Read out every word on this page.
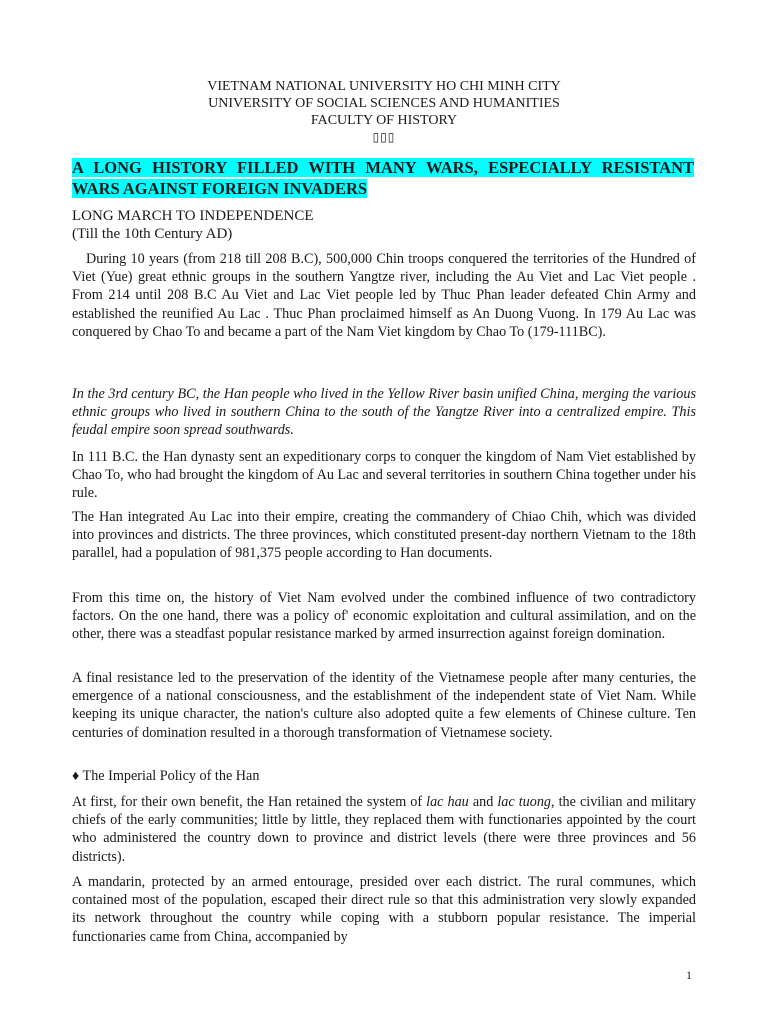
VIETNAM NATIONAL UNIVERSITY HO CHI MINH CITY
UNIVERSITY OF SOCIAL SCIENCES AND HUMANITIES
FACULTY OF HISTORY
▯▯▯
A LONG HISTORY FILLED WITH MANY WARS, ESPECIALLY RESISTANT WARS AGAINST FOREIGN INVADERS
LONG MARCH TO INDEPENDENCE
(Till the 10th Century AD)
During 10 years (from 218 till 208 B.C), 500,000 Chin troops conquered the territories of the Hundred of Viet (Yue) great ethnic groups in the southern Yangtze river, including the Au Viet and Lac Viet people . From 214 until 208 B.C Au Viet and Lac Viet people led by Thuc Phan leader defeated Chin Army and established the reunified Au Lac . Thuc Phan proclaimed himself as An Duong Vuong. In 179 Au Lac was conquered by Chao To and became a part of the Nam Viet kingdom by Chao To (179-111BC).
In the 3rd century BC, the Han people who lived in the Yellow River basin unified China, merging the various ethnic groups who lived in southern China to the south of the Yangtze River into a centralized empire. This feudal empire soon spread southwards.
In 111 B.C. the Han dynasty sent an expeditionary corps to conquer the kingdom of Nam Viet established by Chao To, who had brought the kingdom of Au Lac and several territories in southern China together under his rule.
The Han integrated Au Lac into their empire, creating the commandery of Chiao Chih, which was divided into provinces and districts. The three provinces, which constituted present-day northern Vietnam to the 18th parallel, had a population of 981,375 people according to Han documents.
From this time on, the history of Viet Nam evolved under the combined influence of two contradictory factors. On the one hand, there was a policy of' economic exploitation and cultural assimilation, and on the other, there was a steadfast popular resistance marked by armed insurrection against foreign domination.
A final resistance led to the preservation of the identity of the Vietnamese people after many centuries, the emergence of a national consciousness, and the establishment of the independent state of Viet Nam. While keeping its unique character, the nation's culture also adopted quite a few elements of Chinese culture. Ten centuries of domination resulted in a thorough transformation of Vietnamese society.
♦ The Imperial Policy of the Han
At first, for their own benefit, the Han retained the system of lac hau and lac tuong, the civilian and military chiefs of the early communities; little by little, they replaced them with functionaries appointed by the court who administered the country down to province and district levels (there were three provinces and 56 districts).
A mandarin, protected by an armed entourage, presided over each district. The rural communes, which contained most of the population, escaped their direct rule so that this administration very slowly expanded its network throughout the country while coping with a stubborn popular resistance. The imperial functionaries came from China, accompanied by
1
